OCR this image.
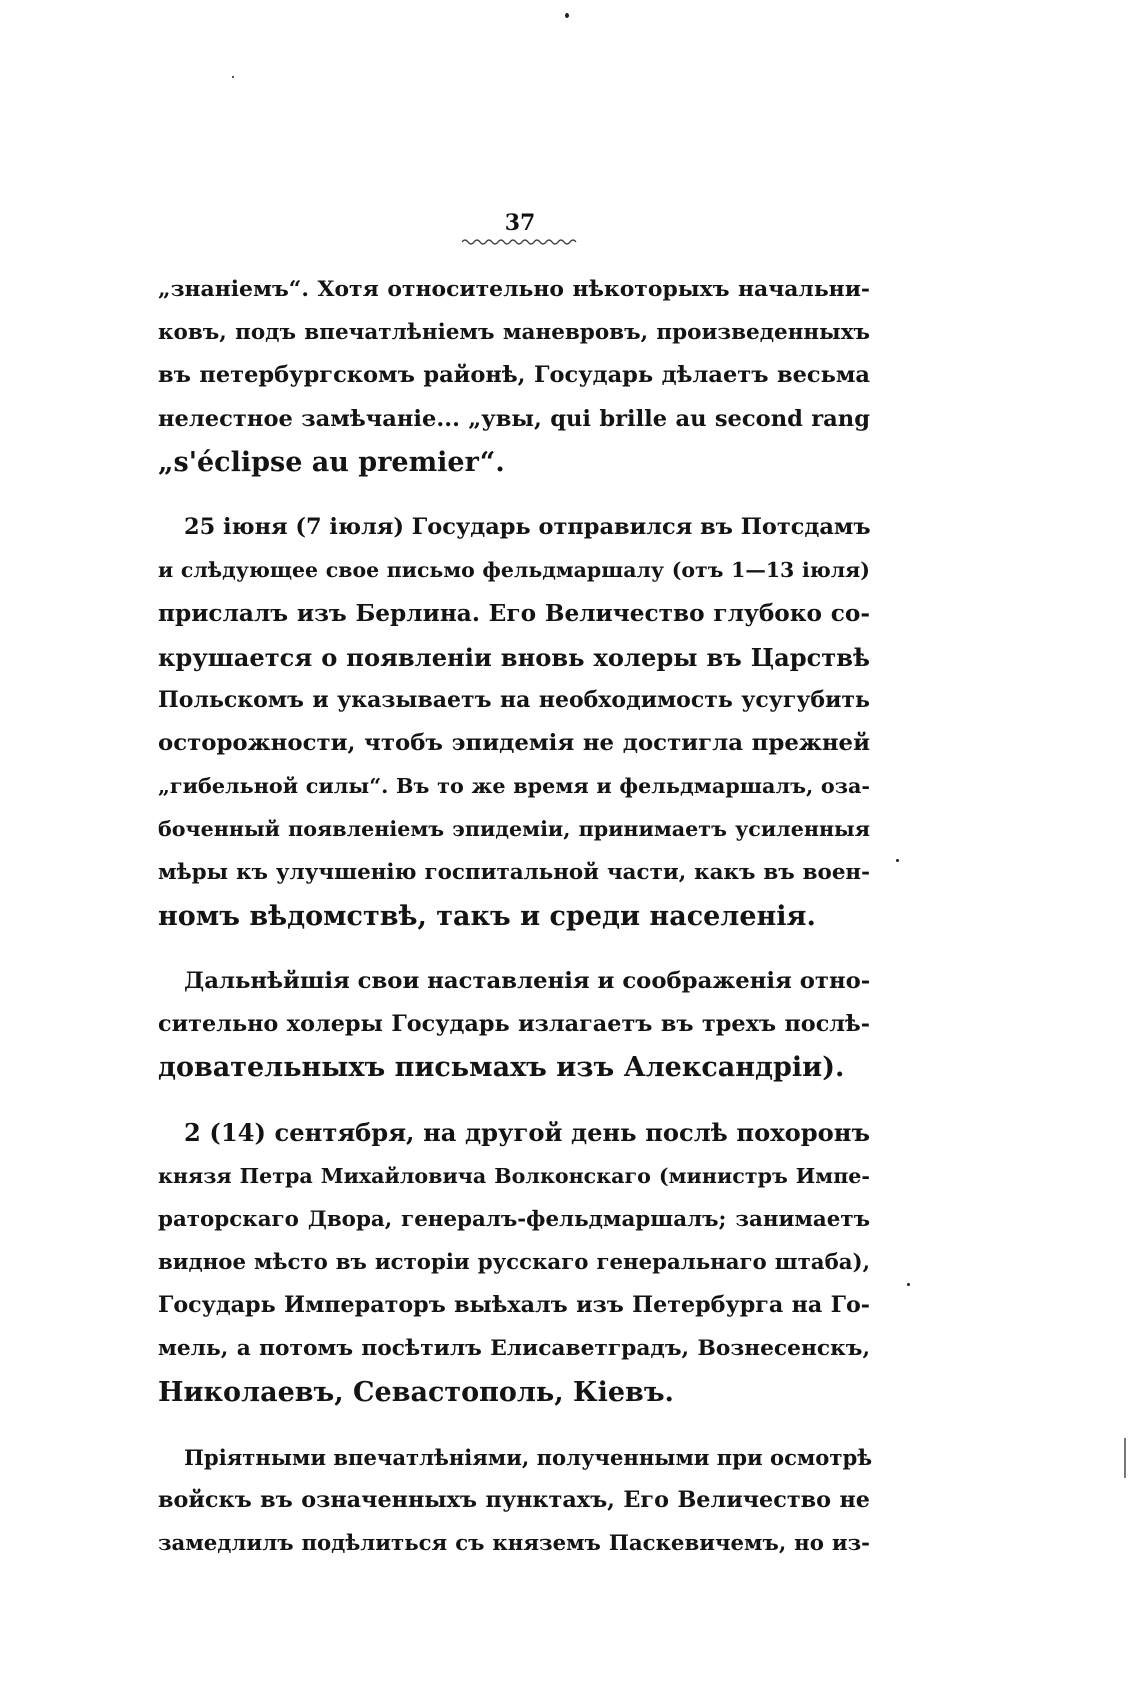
37
„знаніемъ“. Хотя относительно нѣкоторыхъ начальни-
ковъ, подъ впечатлѣніемъ маневровъ, произведенныхъ
въ петербургскомъ районѣ, Государь дѣлаетъ весьма
нелестное замѣчаніе... „увы, qui brille au second rang
„s'éclipse au premier“.
25 іюня (7 іюля) Государь отправился въ Потсдамъ
и слѣдующее свое письмо фельдмаршалу (отъ 1—13 іюля)
прислалъ изъ Берлина. Его Величество глубоко со-
крушается о появленіи вновь холеры въ Царствѣ
Польскомъ и указываетъ на необходимость усугубить
осторожности, чтобъ эпидемія не достигла прежней
„гибельной силы“. Въ то же время и фельдмаршалъ, оза-
боченный появленіемъ эпидеміи, принимаетъ усиленныя
мѣры къ улучшенію госпитальной части, какъ въ воен-
номъ вѣдомствѣ, такъ и среди населенія.
Дальнѣйшія свои наставленія и соображенія отно-
сительно холеры Государь излагаетъ въ трехъ послѣ-
довательныхъ письмахъ изъ Александріи).
2 (14) сентября, на другой день послѣ похоронъ
князя Петра Михайловича Волконскаго (министръ Импе-
раторскаго Двора, генералъ-фельдмаршалъ; занимаетъ
видное мѣсто въ исторіи русскаго генеральнаго штаба),
Государь Императоръ выѣхалъ изъ Петербурга на Го-
мель, а потомъ посѣтилъ Елисаветградъ, Вознесенскъ,
Николаевъ, Севастополь, Кіевъ.
Пріятными впечатлѣніями, полученными при осмотрѣ
войскъ въ означенныхъ пунктахъ, Его Величество не
замедлилъ подѣлиться съ княземъ Паскевичемъ, но из-
